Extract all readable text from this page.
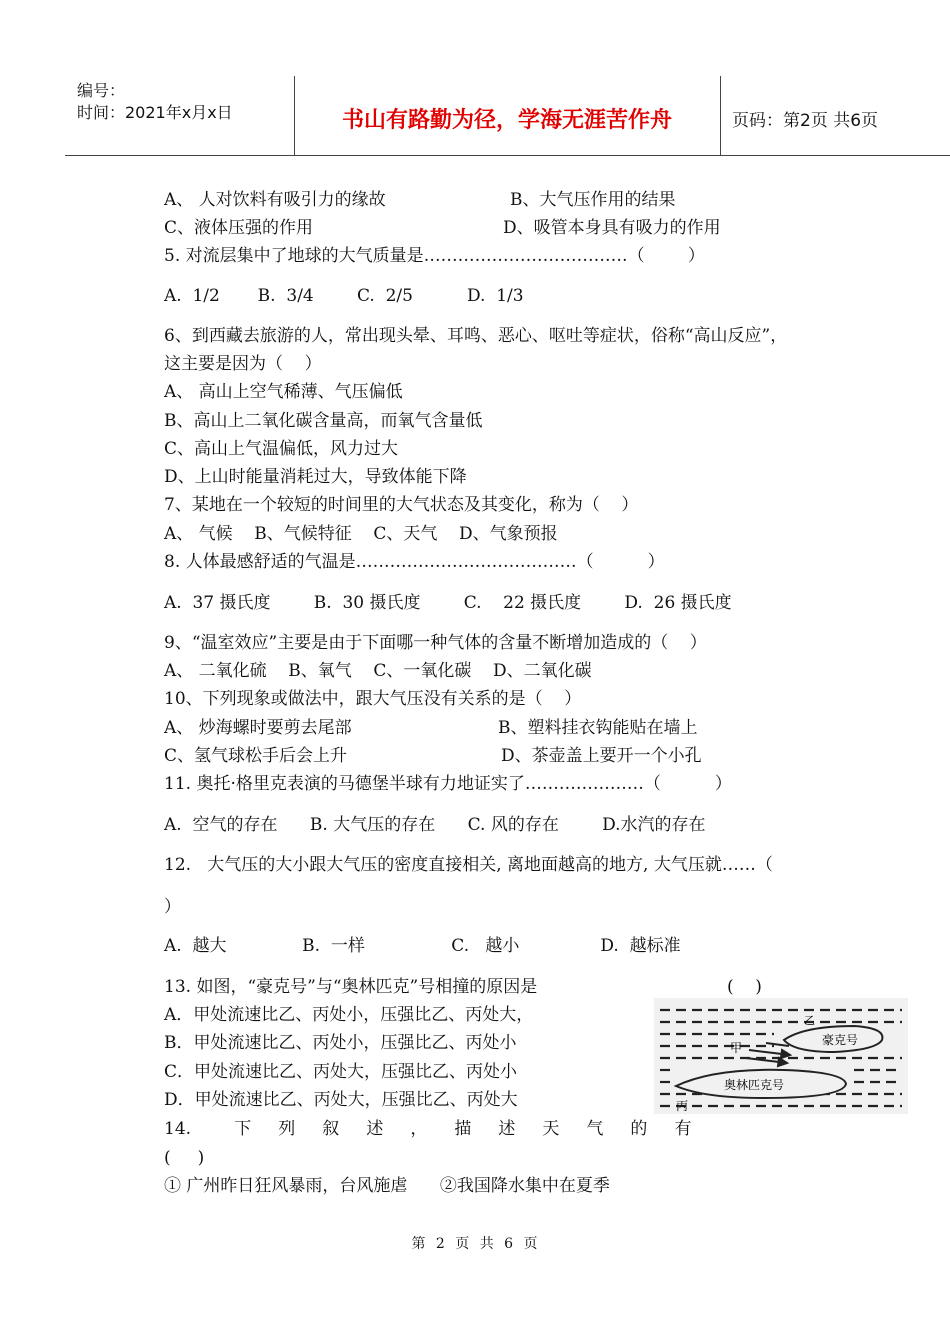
编号：
时间：2021年x月x日	书山有路勤为径，学海无涯苦作舟	页码：第2页 共6页
A、 人对饮料有吸引力的缘故	B、大气压作用的结果
C、液体压强的作用	D、吸管本身具有吸力的作用
5. 对流层集中了地球的大气质量是………………………………（        ）
A.  1/2       B.  3/4        C.  2/5          D.  1/3
6、到西藏去旅游的人，常出现头晕、耳鸣、恶心、呕吐等症状，俗称“高山反应”，
这主要是因为（    ）
A、 高山上空气稀薄、气压偏低
B、高山上二氧化碳含量高，而氧气含量低
C、高山上气温偏低，风力过大
D、上山时能量消耗过大，导致体能下降
7、某地在一个较短的时间里的大气状态及其变化，称为（    ）
A、 气候    B、气候特征    C、天气    D、气象预报
8. 人体最感舒适的气温是…………………………………（          ）
A.  37 摄氏度        B.  30 摄氏度        C.    22 摄氏度        D.  26 摄氏度
9、“温室效应”主要是由于下面哪一种气体的含量不断增加造成的（    ）
A、 二氧化硫    B、氧气    C、一氧化碳    D、二氧化碳
10、下列现象或做法中，跟大气压没有关系的是（    ）
A、 炒海螺时要剪去尾部	B、塑料挂衣钩能贴在墙上
C、氢气球松手后会上升	D、茶壶盖上要开一个小孔
11. 奥托·格里克表演的马德堡半球有力地证实了…………………（          ）
A.  空气的存在      B. 大气压的存在      C. 风的存在        D.水汽的存在
12.   大气压的大小跟大气压的密度直接相关, 离地面越高的地方, 大气压就……（
）
A.  越大              B.  一样                C.   越小               D.  越标准
13. 如图，“豪克号”与“奥林匹克”号相撞的原因是	(    )
A．甲处流速比乙、丙处小，压强比乙、丙处大，
B．甲处流速比乙、丙处小，压强比乙、丙处小
C．甲处流速比乙、丙处大，压强比乙、丙处小
D．甲处流速比乙、丙处大，压强比乙、丙处大
14.        下     列     叙     述     ，     描     述     天     气     的     有
(     )
① 广州昨日狂风暴雨，台风施虐      ②我国降水集中在夏季
豪克号
奥林匹克号
甲
乙
丙
第 2 页 共 6 页
